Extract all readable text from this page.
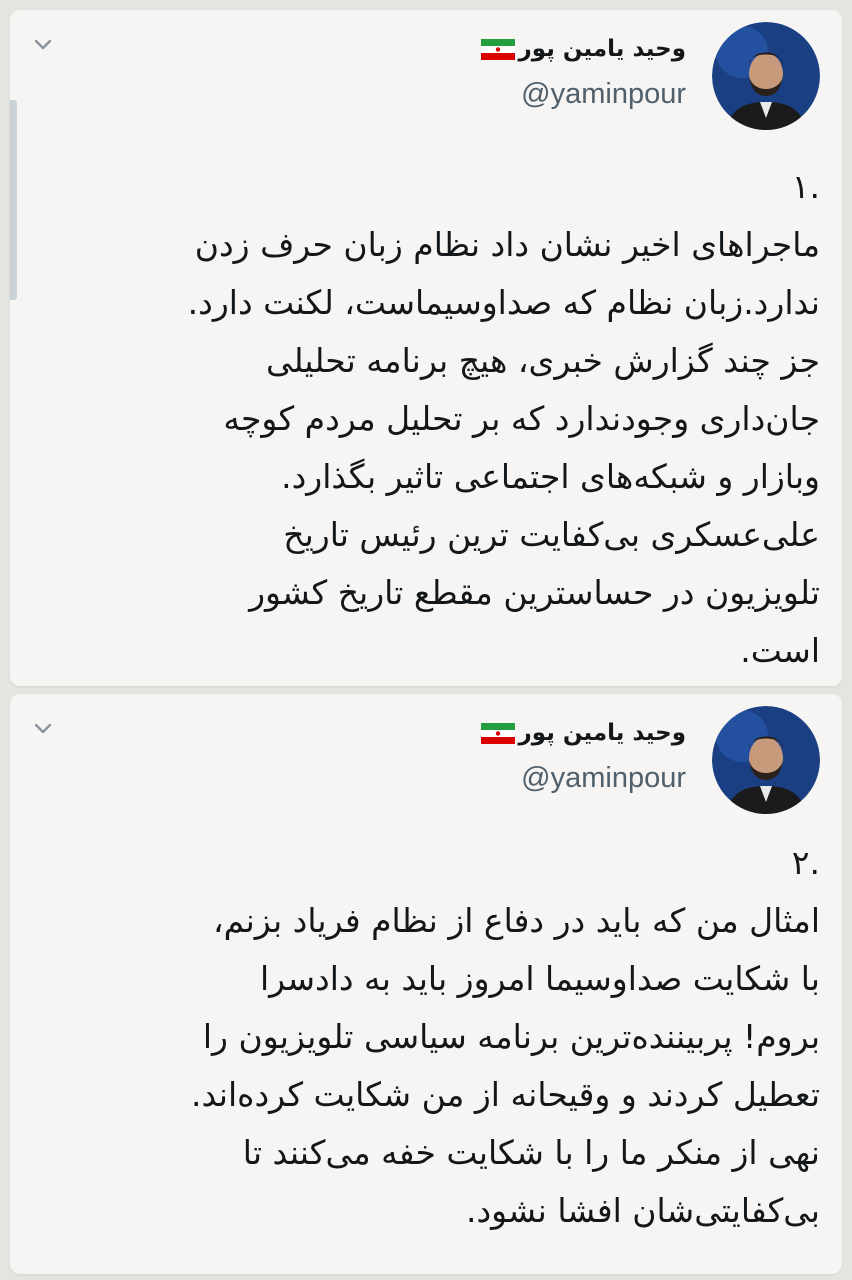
وحید یامین پور
@yaminpour
.۱
ماجراهای اخیر نشان داد نظام زبان حرف زدن
ندارد.زبان نظام که صداوسیماست، لکنت دارد.
جز چند گزارش خبری، هیچ برنامه تحلیلی
جان‌داری وجودندارد که بر تحلیل مردم کوچه
وبازار و شبکه‌های اجتماعی تاثیر بگذارد.
علی‌عسکری بی‌کفایت ترین رئیس تاریخ
تلویزیون در حساسترین مقطع تاریخ کشور
است.
وحید یامین پور
@yaminpour
.۲
امثال من که باید در دفاع از نظام فریاد بزنم،
با شکایت صداوسیما امروز باید به دادسرا
بروم! پربیننده‌ترین برنامه سیاسی تلویزیون را
تعطیل کردند و وقیحانه از من شکایت کرده‌اند.
نهی از منکر ما را با شکایت خفه می‌کنند تا
بی‌کفایتی‌شان افشا نشود.
